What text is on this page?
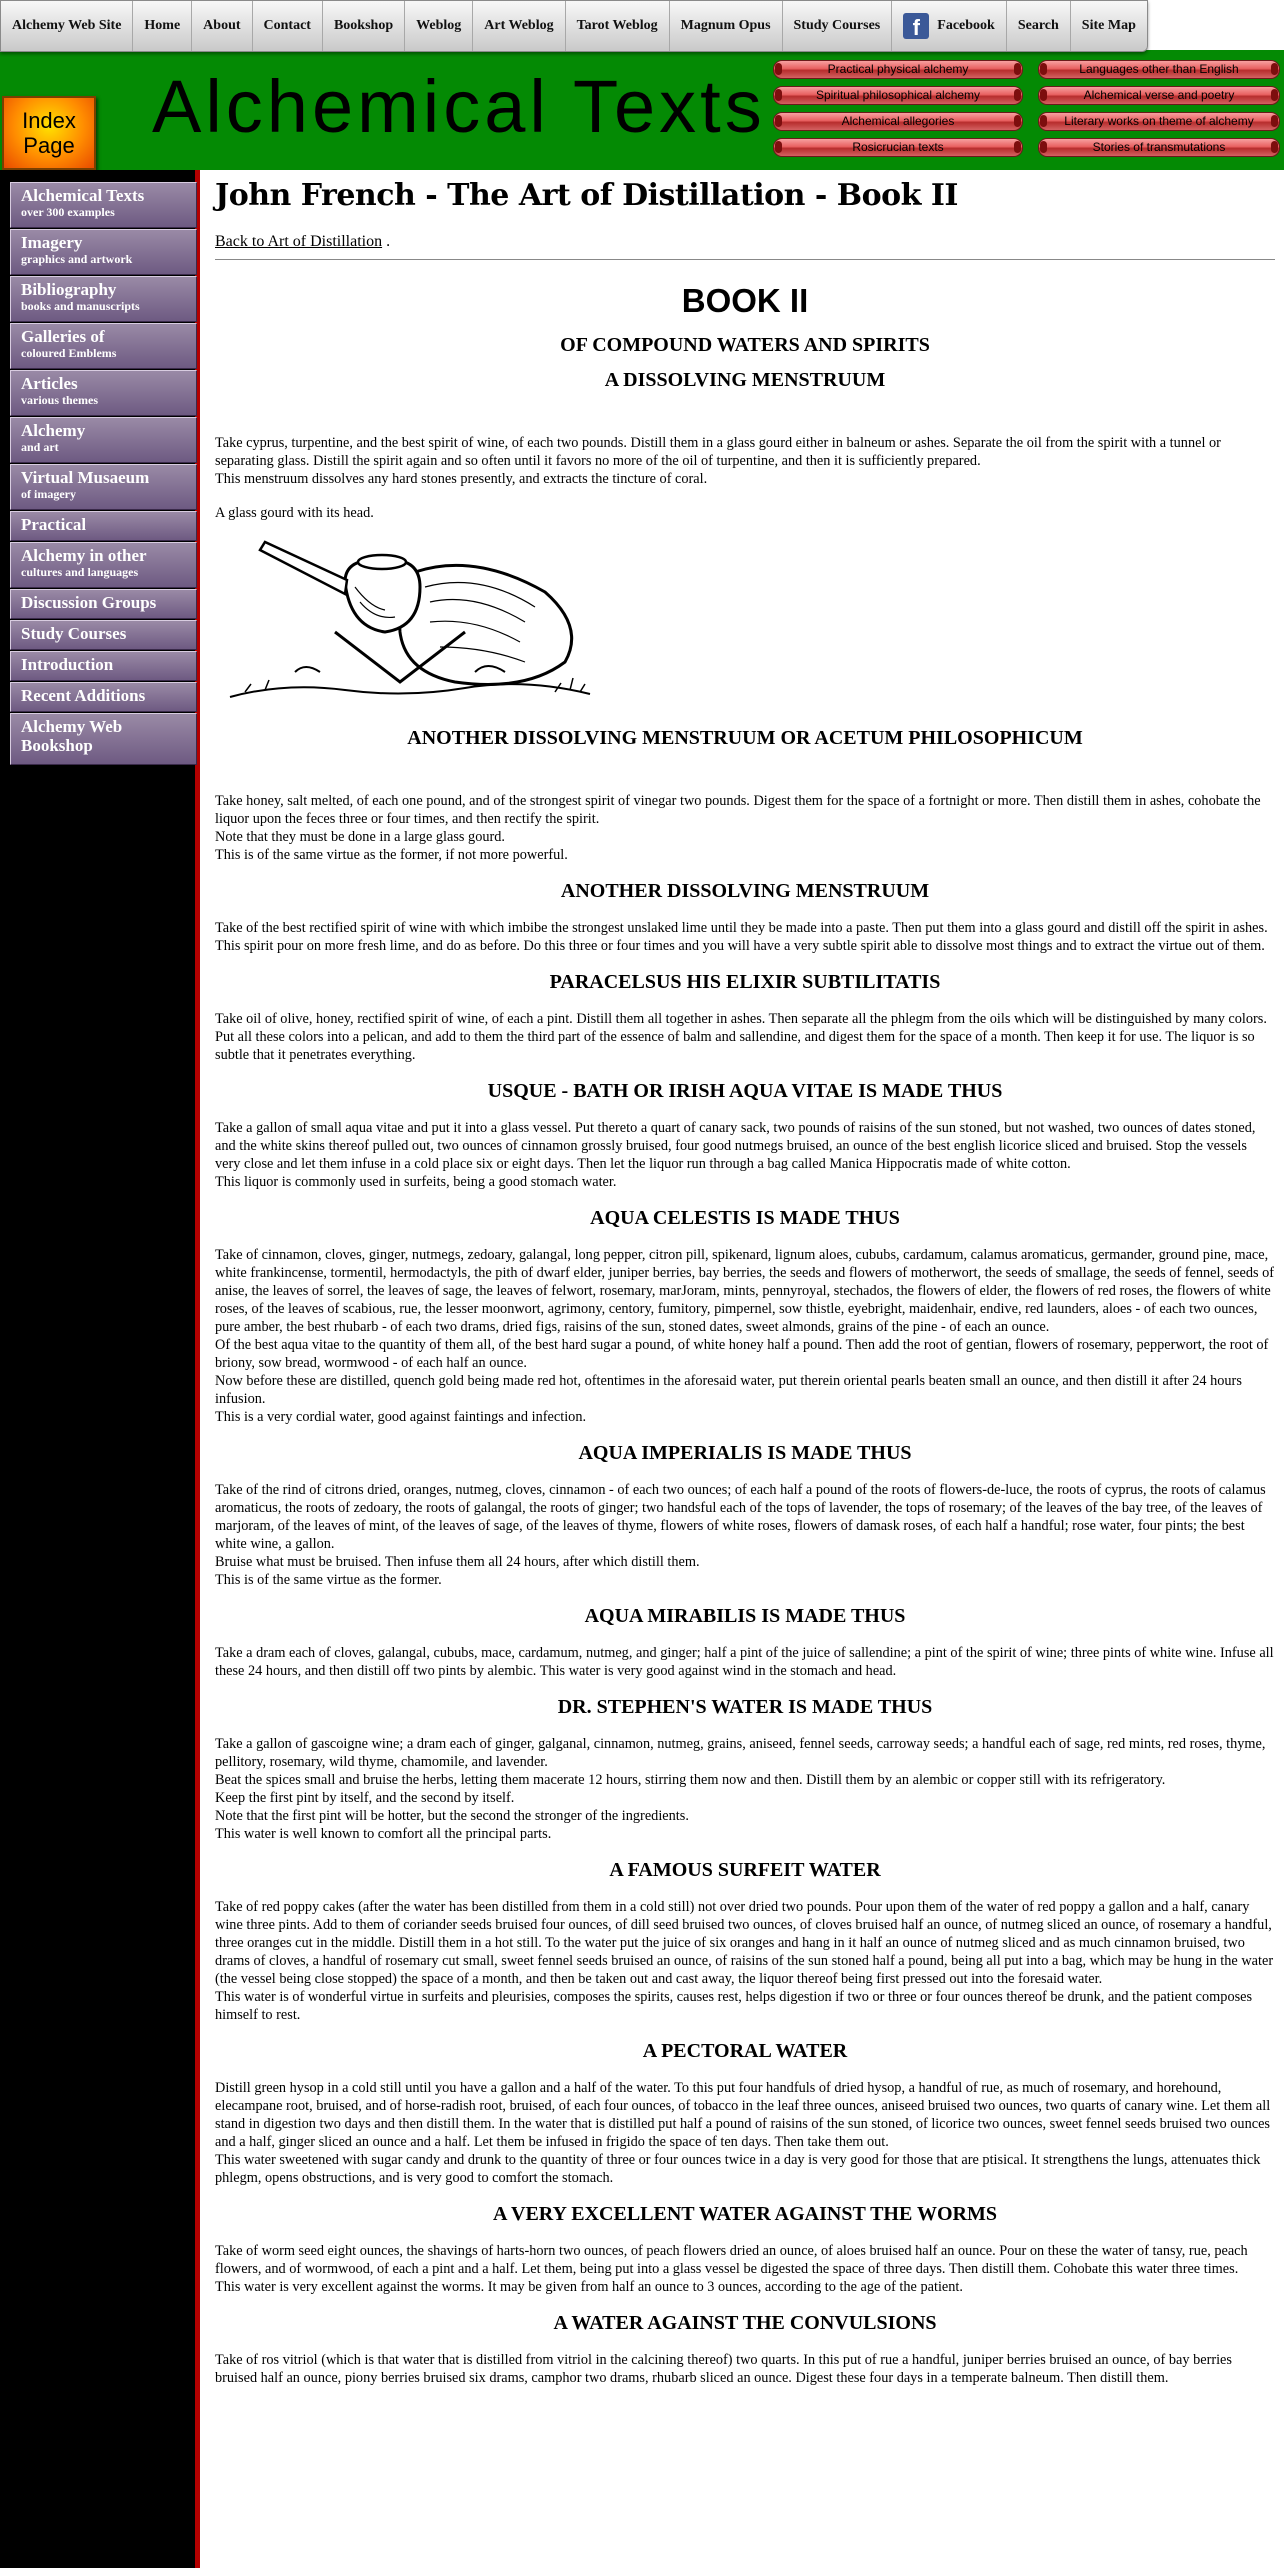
Alchemy Web Site Home About Contact Bookshop Weblog Art Weblog Tarot Weblog Magnum Opus Study Courses	f	Facebook Search Site Map
Index
Page Alchemical Texts	Practical physical alchemy
Spiritual philosophical alchemy
Alchemical allegories
Rosicrucian texts
Languages other than English
Alchemical verse and poetry
Literary works on theme of alchemy
Stories of transmutations
Alchemical Texts
over 300 examples
Imagery
graphics and artwork
Bibliography
books and manuscripts
Galleries of
coloured Emblems
Articles
various themes
Alchemy
and art
Virtual Musaeum
of imagery
Practical
Alchemy in other
cultures and languages
Discussion Groups
Study Courses
Introduction
Recent Additions
Alchemy Web Bookshop
John French - The Art of Distillation - Book II
Back to Art of Distillation .
BOOK II
OF COMPOUND WATERS AND SPIRITS
A DISSOLVING MENSTRUUM

Take cyprus, turpentine, and the best spirit of wine, of each two pounds. Distill them in a glass gourd either in balneum or ashes. Separate the oil from the spirit with a tunnel or separating glass. Distill the spirit again and so often until it favors no more of the oil of turpentine, and then it is sufficiently prepared.

This menstruum dissolves any hard stones presently, and extracts the tincture of coral.

A glass gourd with its head.

ANOTHER DISSOLVING MENSTRUUM OR ACETUM PHILOSOPHICUM

Take honey, salt melted, of each one pound, and of the strongest spirit of vinegar two pounds. Digest them for the space of a fortnight or more. Then distill them in ashes, cohobate the liquor upon the feces three or four times, and then rectify the spirit.

Note that they must be done in a large glass gourd.

This is of the same virtue as the former, if not more powerful.

ANOTHER DISSOLVING MENSTRUUM

Take of the best rectified spirit of wine with which imbibe the strongest unslaked lime until they be made into a paste. Then put them into a glass gourd and distill off the spirit in ashes. This spirit pour on more fresh lime, and do as before. Do this three or four times and you will have a very subtle spirit able to dissolve most things and to extract the virtue out of them.

PARACELSUS HIS ELIXIR SUBTILITATIS

Take oil of olive, honey, rectified spirit of wine, of each a pint. Distill them all together in ashes. Then separate all the phlegm from the oils which will be distinguished by many colors. Put all these colors into a pelican, and add to them the third part of the essence of balm and sallendine, and digest them for the space of a month. Then keep it for use. The liquor is so subtle that it penetrates everything.

USQUE - BATH OR IRISH AQUA VITAE IS MADE THUS

Take a gallon of small aqua vitae and put it into a glass vessel. Put thereto a quart of canary sack, two pounds of raisins of the sun stoned, but not washed, two ounces of dates stoned, and the white skins thereof pulled out, two ounces of cinnamon grossly bruised, four good nutmegs bruised, an ounce of the best english licorice sliced and bruised. Stop the vessels very close and let them infuse in a cold place six or eight days. Then let the liquor run through a bag called Manica Hippocratis made of white cotton.

This liquor is commonly used in surfeits, being a good stomach water.

AQUA CELESTIS IS MADE THUS

Take of cinnamon, cloves, ginger, nutmegs, zedoary, galangal, long pepper, citron pill, spikenard, lignum aloes, cububs, cardamum, calamus aromaticus, germander, ground pine, mace, white frankincense, tormentil, hermodactyls, the pith of dwarf elder, juniper berries, bay berries, the seeds and flowers of motherwort, the seeds of smallage, the seeds of fennel, seeds of anise, the leaves of sorrel, the leaves of sage, the leaves of felwort, rosemary, marJoram, mints, pennyroyal, stechados, the flowers of elder, the flowers of red roses, the flowers of white roses, of the leaves of scabious, rue, the lesser moonwort, agrimony, centory, fumitory, pimpernel, sow thistle, eyebright, maidenhair, endive, red launders, aloes - of each two ounces, pure amber, the best rhubarb - of each two drams, dried figs, raisins of the sun, stoned dates, sweet almonds, grains of the pine - of each an ounce.

Of the best aqua vitae to the quantity of them all, of the best hard sugar a pound, of white honey half a pound. Then add the root of gentian, flowers of rosemary, pepperwort, the root of briony, sow bread, wormwood - of each half an ounce.

Now before these are distilled, quench gold being made red hot, oftentimes in the aforesaid water, put therein oriental pearls beaten small an ounce, and then distill it after 24 hours infusion.

This is a very cordial water, good against faintings and infection.

AQUA IMPERIALIS IS MADE THUS

Take of the rind of citrons dried, oranges, nutmeg, cloves, cinnamon - of each two ounces; of each half a pound of the roots of flowers-de-luce, the roots of cyprus, the roots of calamus aromaticus, the roots of zedoary, the roots of galangal, the roots of ginger; two handsful each of the tops of lavender, the tops of rosemary; of the leaves of the bay tree, of the leaves of marjoram, of the leaves of mint, of the leaves of sage, of the leaves of thyme, flowers of white roses, flowers of damask roses, of each half a handful; rose water, four pints; the best white wine, a gallon.

Bruise what must be bruised. Then infuse them all 24 hours, after which distill them.

This is of the same virtue as the former.

AQUA MIRABILIS IS MADE THUS

Take a dram each of cloves, galangal, cububs, mace, cardamum, nutmeg, and ginger; half a pint of the juice of sallendine; a pint of the spirit of wine; three pints of white wine. Infuse all these 24 hours, and then distill off two pints by alembic. This water is very good against wind in the stomach and head.

DR. STEPHEN'S WATER IS MADE THUS

Take a gallon of gascoigne wine; a dram each of ginger, galganal, cinnamon, nutmeg, grains, aniseed, fennel seeds, carroway seeds; a handful each of sage, red mints, red roses, thyme, pellitory, rosemary, wild thyme, chamomile, and lavender.

Beat the spices small and bruise the herbs, letting them macerate 12 hours, stirring them now and then. Distill them by an alembic or copper still with its refrigeratory.

Keep the first pint by itself, and the second by itself.

Note that the first pint will be hotter, but the second the stronger of the ingredients.

This water is well known to comfort all the principal parts.

A FAMOUS SURFEIT WATER

Take of red poppy cakes (after the water has been distilled from them in a cold still) not over dried two pounds. Pour upon them of the water of red poppy a gallon and a half, canary wine three pints. Add to them of coriander seeds bruised four ounces, of dill seed bruised two ounces, of cloves bruised half an ounce, of nutmeg sliced an ounce, of rosemary a handful, three oranges cut in the middle. Distill them in a hot still. To the water put the juice of six oranges and hang in it half an ounce of nutmeg sliced and as much cinnamon bruised, two drams of cloves, a handful of rosemary cut small, sweet fennel seeds bruised an ounce, of raisins of the sun stoned half a pound, being all put into a bag, which may be hung in the water (the vessel being close stopped) the space of a month, and then be taken out and cast away, the liquor thereof being first pressed out into the foresaid water.

This water is of wonderful virtue in surfeits and pleurisies, composes the spirits, causes rest, helps digestion if two or three or four ounces thereof be drunk, and the patient composes himself to rest.

A PECTORAL WATER

Distill green hysop in a cold still until you have a gallon and a half of the water. To this put four handfuls of dried hysop, a handful of rue, as much of rosemary, and horehound, elecampane root, bruised, and of horse-radish root, bruised, of each four ounces, of tobacco in the leaf three ounces, aniseed bruised two ounces, two quarts of canary wine. Let them all stand in digestion two days and then distill them. In the water that is distilled put half a pound of raisins of the sun stoned, of licorice two ounces, sweet fennel seeds bruised two ounces and a half, ginger sliced an ounce and a half. Let them be infused in frigido the space of ten days. Then take them out.

This water sweetened with sugar candy and drunk to the quantity of three or four ounces twice in a day is very good for those that are ptisical. It strengthens the lungs, attenuates thick phlegm, opens obstructions, and is very good to comfort the stomach.

A VERY EXCELLENT WATER AGAINST THE WORMS

Take of worm seed eight ounces, the shavings of harts-horn two ounces, of peach flowers dried an ounce, of aloes bruised half an ounce. Pour on these the water of tansy, rue, peach flowers, and of wormwood, of each a pint and a half. Let them, being put into a glass vessel be digested the space of three days. Then distill them. Cohobate this water three times.

This water is very excellent against the worms. It may be given from half an ounce to 3 ounces, according to the age of the patient.

A WATER AGAINST THE CONVULSIONS

Take of ros vitriol (which is that water that is distilled from vitriol in the calcining thereof) two quarts. In this put of rue a handful, juniper berries bruised an ounce, of bay berries bruised half an ounce, piony berries bruised six drams, camphor two drams, rhubarb sliced an ounce. Digest these four days in a temperate balneum. Then distill them.
